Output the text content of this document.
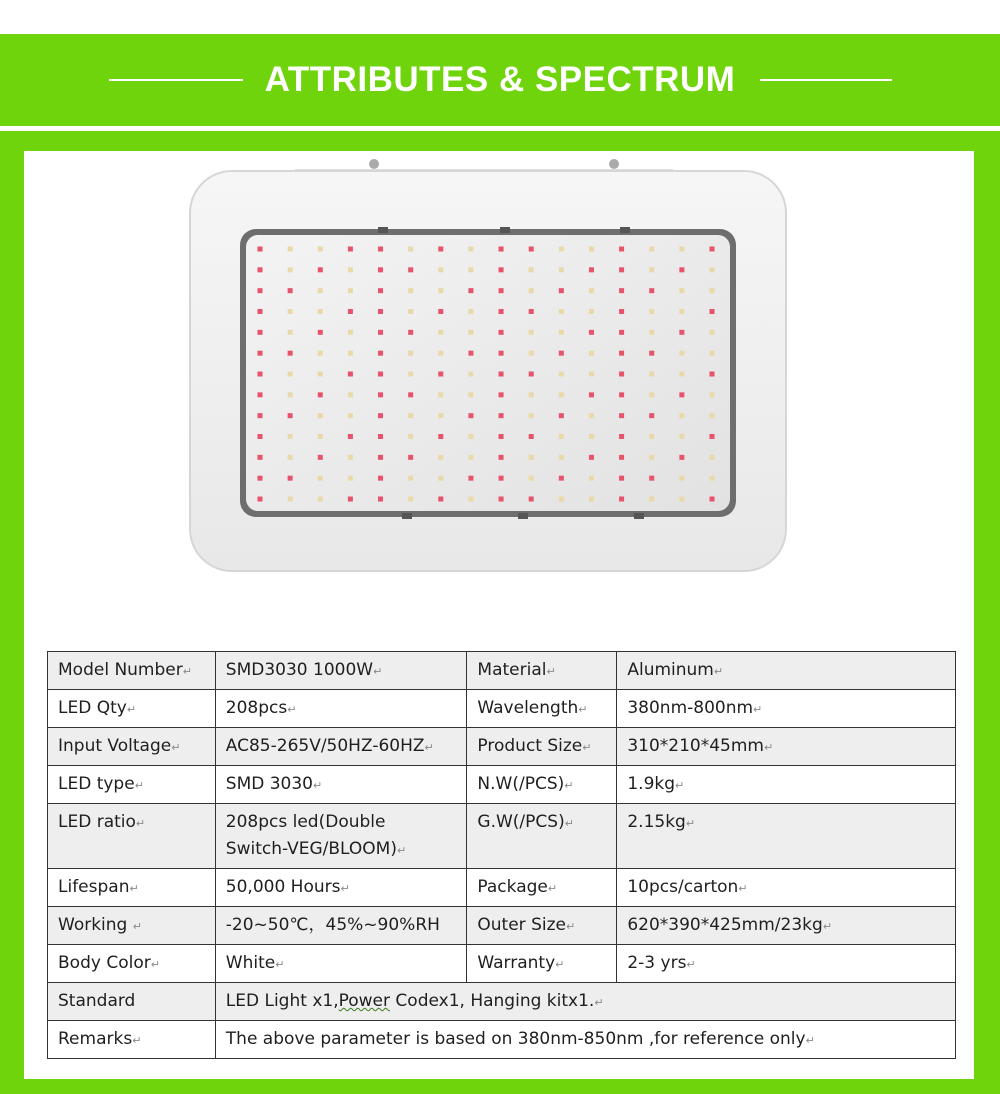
ATTRIBUTES & SPECTRUM
Model Number↵	SMD3030 1000W↵	Material↵	Aluminum↵
LED Qty↵	208pcs↵	Wavelength↵	380nm-800nm↵
Input Voltage↵	AC85-265V/50HZ-60HZ↵	Product Size↵	310*210*45mm↵
LED type↵	SMD 3030↵	N.W(/PCS)↵	1.9kg↵
LED ratio↵	208pcs led(Double
Switch-VEG/BLOOM)↵	G.W(/PCS)↵	2.15kg↵
Lifespan↵	50,000 Hours↵	Package↵	10pcs/carton↵
Working ↵	-20~50℃，45%~90%RH	Outer Size↵	620*390*425mm/23kg↵
Body Color↵	White↵	Warranty↵	2-3 yrs↵
Standard	LED Light x1,Power Codex1, Hanging kitx1.↵		
Remarks↵	The above parameter is based on 380nm-850nm ,for reference only↵		
